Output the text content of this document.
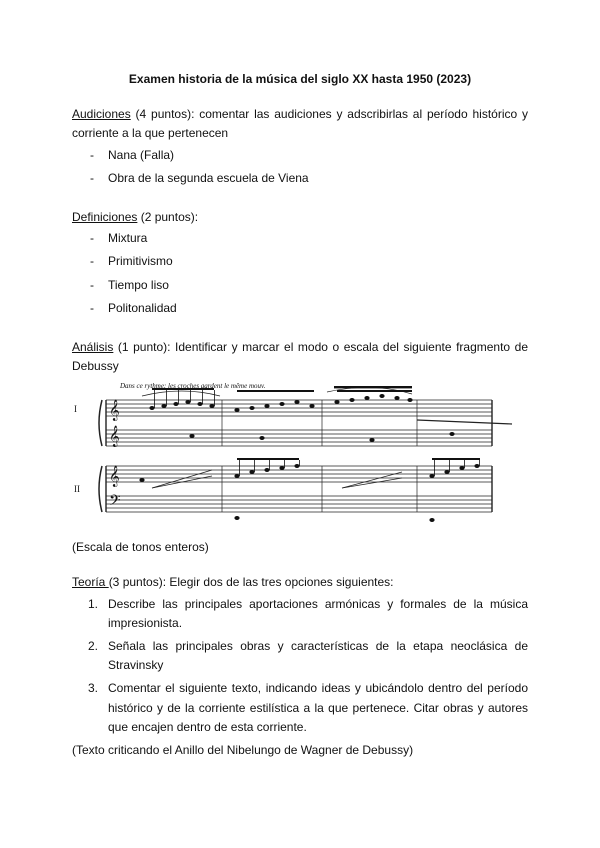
Examen historia de la música del siglo XX hasta 1950 (2023)

Audiciones (4 puntos): comentar las audiciones y adscribirlas al período histórico y corriente a la que pertenecen

- Nana (Falla)
- Obra de la segunda escuela de Viena

Definiciones (2 puntos):

- Mixtura
- Primitivismo
- Tiempo liso
- Politonalidad

Análisis (1 punto): Identificar y marcar el modo o escala del siguiente fragmento de Debussy

𝄞
𝄞
𝄞
𝄢
I
II
Dans ce rythme: les croches gardent le même mouv.

(Escala de tonos enteros)

Teoría (3 puntos): Elegir dos de las tres opciones siguientes:

1. Describe las principales aportaciones armónicas y formales de la música impresionista.
2. Señala las principales obras y características de la etapa neoclásica de Stravinsky
3. Comentar el siguiente texto, indicando ideas y ubicándolo dentro del período histórico y de la corriente estilística a la que pertenece. Citar obras y autores que encajen dentro de esta corriente.

(Texto criticando el Anillo del Nibelungo de Wagner de Debussy)
